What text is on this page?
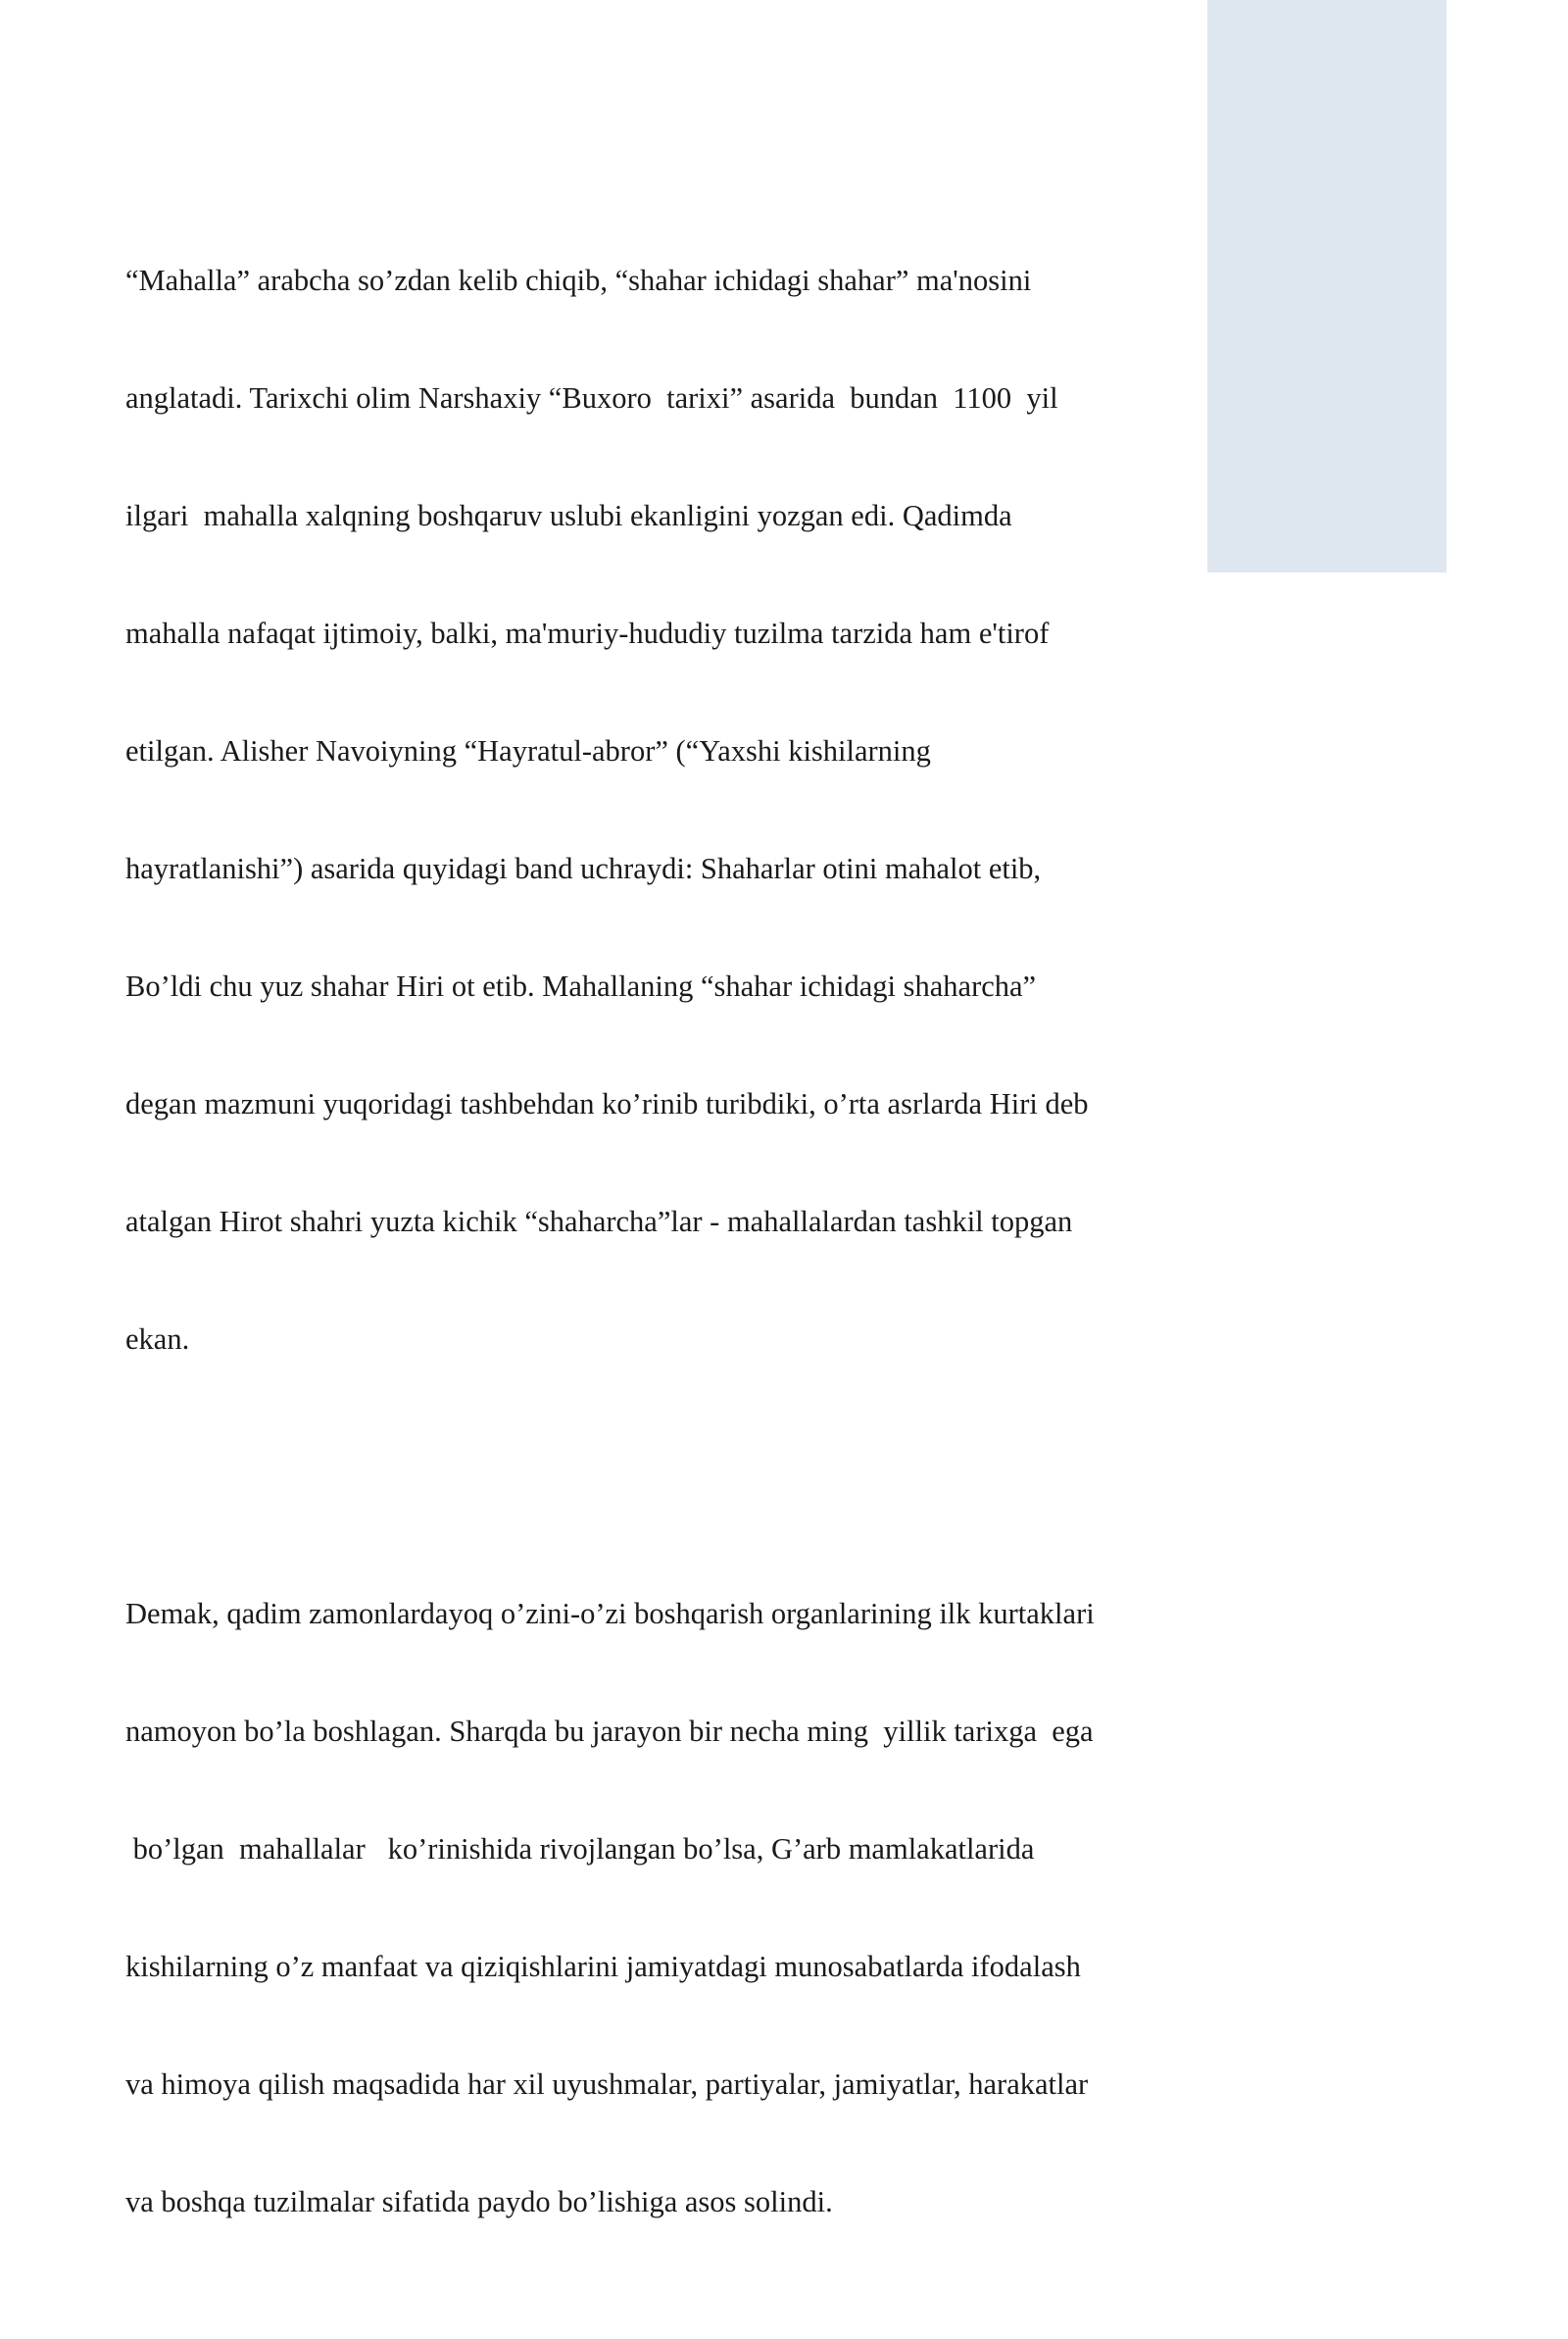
“Mahalla” arabcha so’zdan kelib chiqib, “shahar ichidagi shahar” ma'nosini

anglatadi. Tarixchi olim Narshaxiy “Buxoro  tarixi” asarida  bundan  1100  yil

ilgari  mahalla xalqning boshqaruv uslubi ekanligini yozgan edi. Qadimda

mahalla nafaqat ijtimoiy, balki, ma'muriy-hududiy tuzilma tarzida ham e'tirof

etilgan. Alisher Navoiyning “Hayratul-abror” (“Yaxshi kishilarning

hayratlanishi”) asarida quyidagi band uchraydi: Shaharlar otini mahalot etib,

Bo’ldi chu yuz shahar Hiri ot etib. Mahallaning “shahar ichidagi shaharcha”

degan mazmuni yuqoridagi tashbehdan ko’rinib turibdiki, o’rta asrlarda Hiri deb

atalgan Hirot shahri yuzta kichik “shaharcha”lar - mahallalardan tashkil topgan

ekan.

Demak, qadim zamonlardayoq o’zini-o’zi boshqarish organlarining ilk kurtaklari

namoyon bo’la boshlagan. Sharqda bu jarayon bir necha ming  yillik tarixga  ega

bo’lgan  mahallalar   ko’rinishida rivojlangan bo’lsa, G’arb mamlakatlarida

kishilarning o’z manfaat va qiziqishlarini jamiyatdagi munosabatlarda ifodalash

va himoya qilish maqsadida har xil uyushmalar, partiyalar, jamiyatlar, harakatlar

va boshqa tuzilmalar sifatida paydo bo’lishiga asos solindi.
